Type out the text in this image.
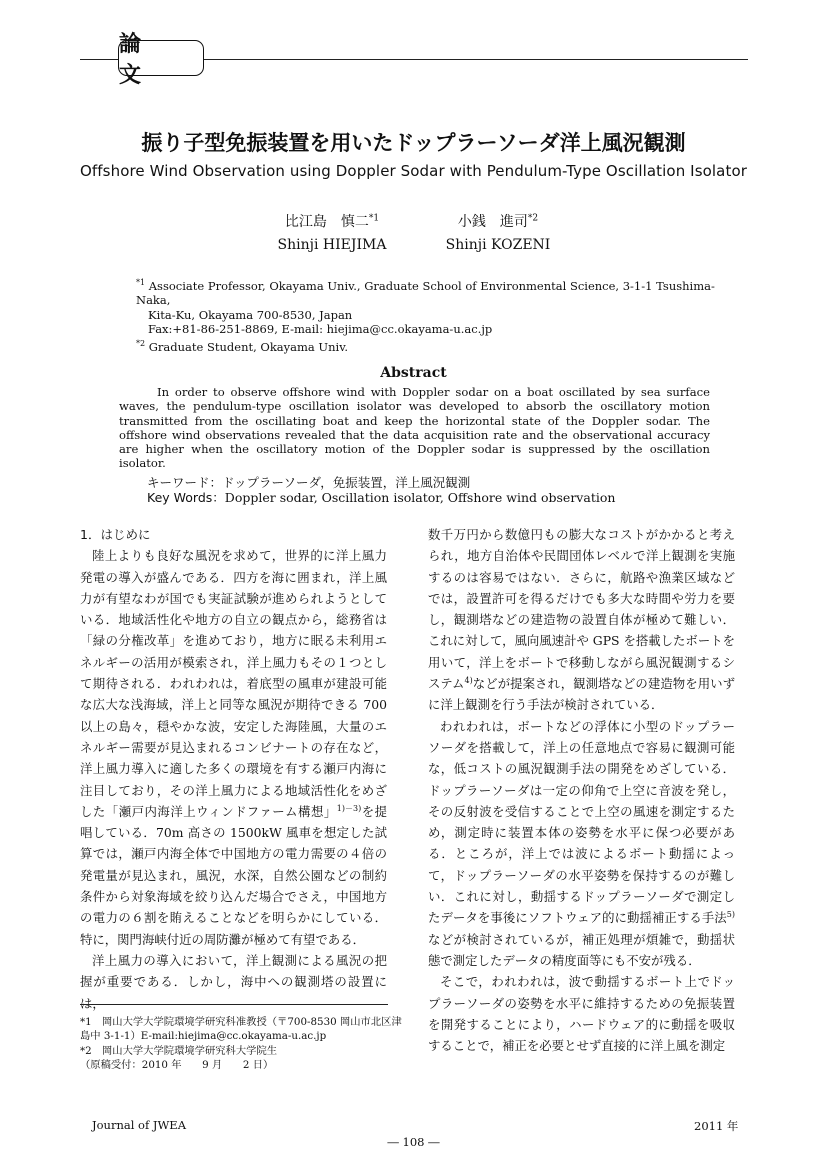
論　文
振り子型免振装置を用いたドップラーソーダ洋上風況観測
Offshore Wind Observation using Doppler Sodar with Pendulum-Type Oscillation Isolator
比江島　慎二$^{*1}$
Shinji HIEJIMA
小銭　進司$^{*2}$
Shinji KOZENI
$^{*1}$ Associate Professor, Okayama Univ., Graduate School of Environmental Science, 3-1-1 Tsushima-Naka,
Kita-Ku, Okayama 700-8530, Japan
Fax:+81-86-251-8869, E-mail: hiejima@cc.okayama-u.ac.jp
$^{*2}$ Graduate Student, Okayama Univ.
Abstract
In order to observe offshore wind with Doppler sodar on a boat oscillated by sea surface waves, the pendulum-type oscillation isolator was developed to absorb the oscillatory motion transmitted from the oscillating boat and keep the horizontal state of the Doppler sodar. The offshore wind observations revealed that the data acquisition rate and the observational accuracy are higher when the oscillatory motion of the Doppler sodar is suppressed by the oscillation isolator.
キーワード：ドップラーソーダ，免振装置，洋上風況観測
Key Words：Doppler sodar, Oscillation isolator, Offshore wind observation
1．はじめに

陸上よりも良好な風況を求めて，世界的に洋上風力発電の導入が盛んである．四方を海に囲まれ，洋上風力が有望なわが国でも実証試験が進められようとしている．地域活性化や地方の自立の観点から，総務省は「緑の分権改革」を進めており，地方に眠る未利用エネルギーの活用が模索され，洋上風力もその１つとして期待される．われわれは，着底型の風車が建設可能な広大な浅海域，洋上と同等な風況が期待できる 700以上の島々，穏やかな波，安定した海陸風，大量のエネルギー需要が見込まれるコンビナートの存在など，洋上風力導入に適した多くの環境を有する瀬戸内海に注目しており，その洋上風力による地域活性化をめざした「瀬戸内海洋上ウィンドファーム構想」$^{1)-3)}$を提唱している．70m 高さの 1500kW 風車を想定した試算では，瀬戸内海全体で中国地方の電力需要の４倍の発電量が見込まれ，風況，水深，自然公園などの制約条件から対象海域を絞り込んだ場合でさえ，中国地方の電力の６割を賄えることなどを明らかにしている．特に，関門海峡付近の周防灘が極めて有望である．

洋上風力の導入において，洋上観測による風況の把握が重要である．しかし，海中への観測塔の設置に

数千万円から数億円もの膨大なコストがかかると考えられ，地方自治体や民間団体レベルで洋上観測を実施するのは容易ではない．さらに，航路や漁業区域などでは，設置許可を得るだけでも多大な時間や労力を要し，観測塔などの建造物の設置自体が極めて難しい．これに対して，風向風速計や GPS を搭載したボートを用いて，洋上をボートで移動しながら風況観測するシステム$^{4)}$などが提案され，観測塔などの建造物を用いずに洋上観測を行う手法が検討されている．

われわれは，ボートなどの浮体に小型のドップラーソーダを搭載して，洋上の任意地点で容易に観測可能な，低コストの風況観測手法の開発をめざしている．ドップラーソーダは一定の仰角で上空に音波を発し，その反射波を受信することで上空の風速を測定するため，測定時に装置本体の姿勢を水平に保つ必要がある．ところが，洋上では波によるボート動揺によって，ドップラーソーダの水平姿勢を保持するのが難しい．これに対し，動揺するドップラーソーダで測定したデータを事後にソフトウェア的に動揺補正する手法$^{5)}$などが検討されているが，補正処理が煩雑で，動揺状態で測定したデータの精度面等にも不安が残る．

そこで，われわれは，波で動揺するボート上でドップラーソーダの姿勢を水平に維持するための免振装置を開発することにより，ハードウェア的に動揺を吸収することで，補正を必要とせず直接的に洋上風を測定

*1 岡山大学大学院環境学研究科准教授（〒700-8530 岡山市北区津島中 3-1-1）E-mail:hiejima@cc.okayama-u.ac.jp
*2 岡山大学大学院環境学研究科大学院生
（原稿受付：2010 年　　9 月　　2 日）
Journal of JWEA	2011 年
― 108 ―
